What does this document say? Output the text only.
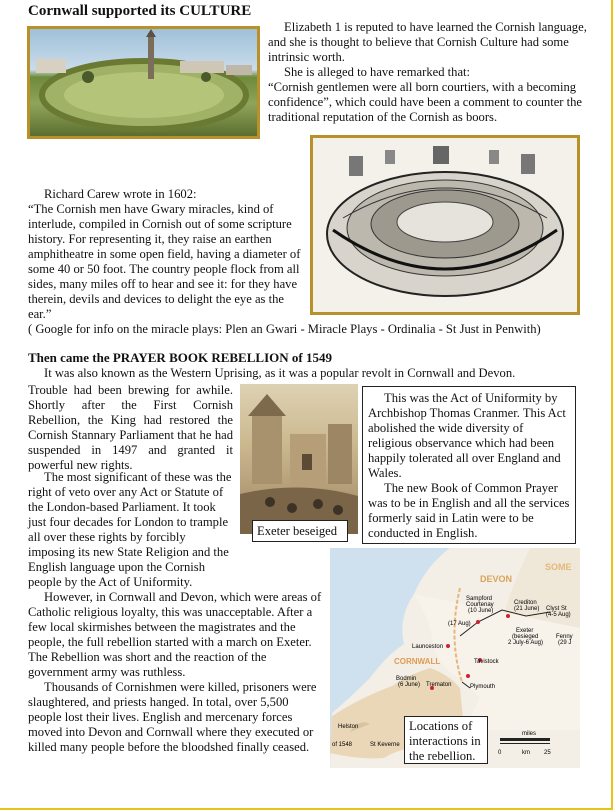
Cornwall supported its CULTURE
Elizabeth 1 is reputed to have learned the Cornish language, and she is thought to believe that Cornish Culture had some intrinsic worth.
She is alleged to have remarked that:
“Cornish gentlemen were all born courtiers, with a becoming confidence”, which could have been a comment to counter the traditional reputation of the Cornish as boors.
Richard Carew wrote in 1602:
“The Cornish men have Gwary miracles, kind of interlude, compiled in Cornish out of some scripture history. For representing it, they raise an earthen amphitheatre in some open field, having a diameter of some 40 or 50 foot. The country people flock from all sides, many miles off to hear and see it: for they have therein, devils and devices to delight the eye as the ear.”
( Google for info on the miracle plays: Plen an Gwari - Miracle Plays - Ordinalia - St Just in Penwith)
Then came the PRAYER BOOK REBELLION of 1549
It was also known as the Western Uprising, as it was a popular revolt in Cornwall and Devon.
Trouble had been brewing for awhile. Shortly after the First Cornish Rebellion, the King had restored the Cornish Stannary Parliament that he had suspended in 1497 and granted it powerful new rights.
This was the Act of Uniformity by Archbishop Thomas Cranmer. This Act abolished the wide diversity of religious observance which had been happily tolerated all over England and Wales.
The new Book of Common Prayer was to be in English and all the services formerly said in Latin were to be conducted in English.
The most significant of these was the right of veto over any Act or Statute of the London-based Parliament. It took just four decades for London to trample all over these rights by forcibly imposing its new State Religion and the English language upon the Cornish people by the Act of Uniformity.
Exeter beseiged
DEVON
SOME
CORNWALL
Sampford
Courtenay
(10 June)
(17 Aug)
Crediton
(21 June) Clyst St
(4-5 Aug)
Exeter
(besieged
2 July-6 Aug)
Fenny
(29 J
Launceston
Tavistock
Bodmin
(6 June) Trematon	Plymouth
Helston
of 1548	St Keverne
miles
km
0	25
Locations of interactions in the rebellion.
However, in Cornwall and Devon, which were areas of Catholic religious loyalty, this was unacceptable. After a few local skirmishes between the magistrates and the people, the full rebellion started with a march on Exeter. The Rebellion was short and the reaction of the government army was ruthless.
Thousands of Cornishmen were killed, prisoners were slaughtered, and priests hanged. In total, over 5,500 people lost their lives. English and mercenary forces moved into Devon and Cornwall where they executed or killed many people before the bloodshed finally ceased.
